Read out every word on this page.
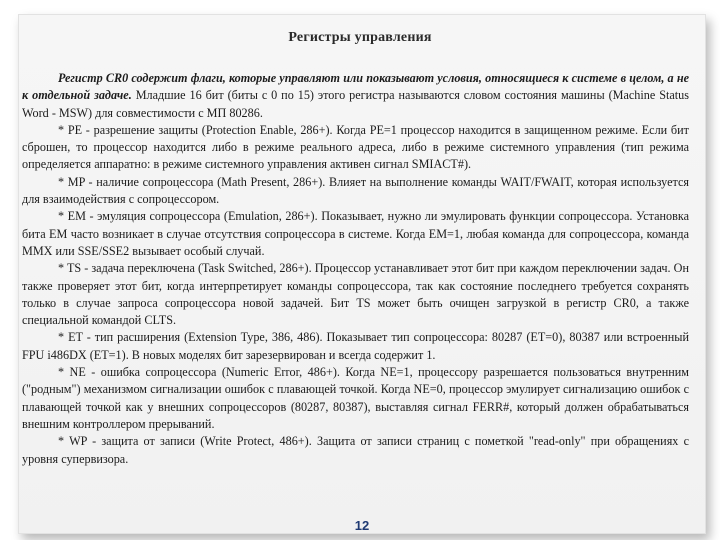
Регистры управления

Регистр CR0 содержит флаги, которые управляют или показывают условия, относящиеся к системе в целом, а не к отдельной задаче. Младшие 16 бит (биты с 0 по 15) этого регистра называются словом состояния машины (Machine Status Word - MSW) для совместимости с МП 80286.

* PE - разрешение защиты (Protection Enable, 286+). Когда PE=1 процессор находится в защищенном режиме. Если бит сброшен, то процессор находится либо в режиме реального адреса, либо в режиме системного управления (тип режима определяется аппаратно: в режиме системного управления активен сигнал SMIACT#).

* MP - наличие сопроцессора (Math Present, 286+). Влияет на выполнение команды WAIT/FWAIT, которая используется для взаимодействия с сопроцессором.

* EM - эмуляция сопроцессора (Emulation, 286+). Показывает, нужно ли эмулировать функции сопроцессора. Установка бита EM часто возникает в случае отсутствия сопроцессора в системе. Когда EM=1, любая команда для сопроцессора, команда MMX или SSE/SSE2 вызывает особый случай.

* TS - задача переключена (Task Switched, 286+). Процессор устанавливает этот бит при каждом переключении задач. Он также проверяет этот бит, когда интерпретирует команды сопроцессора, так как состояние последнего требуется сохранять только в случае запроса сопроцессора новой задачей. Бит TS может быть очищен загрузкой в регистр CR0, а также специальной командой CLTS.

* ET - тип расширения (Extension Type, 386, 486). Показывает тип сопроцессора: 80287 (ET=0), 80387 или встроенный FPU i486DX (ET=1). В новых моделях бит зарезервирован и всегда содержит 1.

* NE - ошибка сопроцессора (Numeric Error, 486+). Когда NE=1, процессору разрешается пользоваться внутренним ("родным") механизмом сигнализации ошибок с плавающей точкой. Когда NE=0, процессор эмулирует сигнализацию ошибок с плавающей точкой как у внешних сопроцессоров (80287, 80387), выставляя сигнал FERR#, который должен обрабатываться внешним контроллером прерываний.

* WP - защита от записи (Write Protect, 486+). Защита от записи страниц с пометкой "read-only" при обращениях с уровня супервизора.

12
